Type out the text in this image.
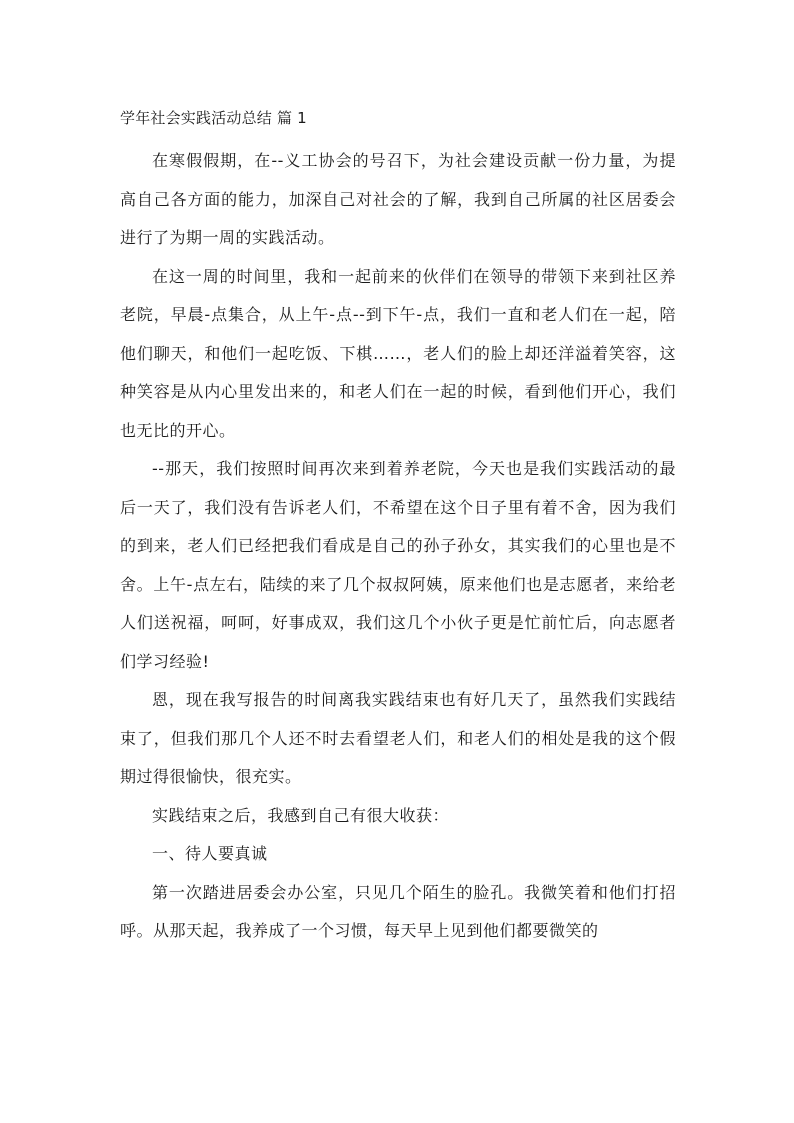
学年社会实践活动总结 篇 1

在寒假假期，在--义工协会的号召下，为社会建设贡献一份力量，为提高自己各方面的能力，加深自己对社会的了解，我到自己所属的社区居委会进行了为期一周的实践活动。

在这一周的时间里，我和一起前来的伙伴们在领导的带领下来到社区养老院，早晨-点集合，从上午-点--到下午-点，我们一直和老人们在一起，陪他们聊天，和他们一起吃饭、下棋……，老人们的脸上却还洋溢着笑容，这种笑容是从内心里发出来的，和老人们在一起的时候，看到他们开心，我们也无比的开心。

--那天，我们按照时间再次来到着养老院，今天也是我们实践活动的最后一天了，我们没有告诉老人们，不希望在这个日子里有着不舍，因为我们的到来，老人们已经把我们看成是自己的孙子孙女，其实我们的心里也是不舍。上午-点左右，陆续的来了几个叔叔阿姨，原来他们也是志愿者，来给老人们送祝福，呵呵，好事成双，我们这几个小伙子更是忙前忙后，向志愿者们学习经验!

恩，现在我写报告的时间离我实践结束也有好几天了，虽然我们实践结束了，但我们那几个人还不时去看望老人们，和老人们的相处是我的这个假期过得很愉快，很充实。

实践结束之后，我感到自己有很大收获：

一、待人要真诚

第一次踏进居委会办公室，只见几个陌生的脸孔。我微笑着和他们打招呼。从那天起，我养成了一个习惯，每天早上见到他们都要微笑的
